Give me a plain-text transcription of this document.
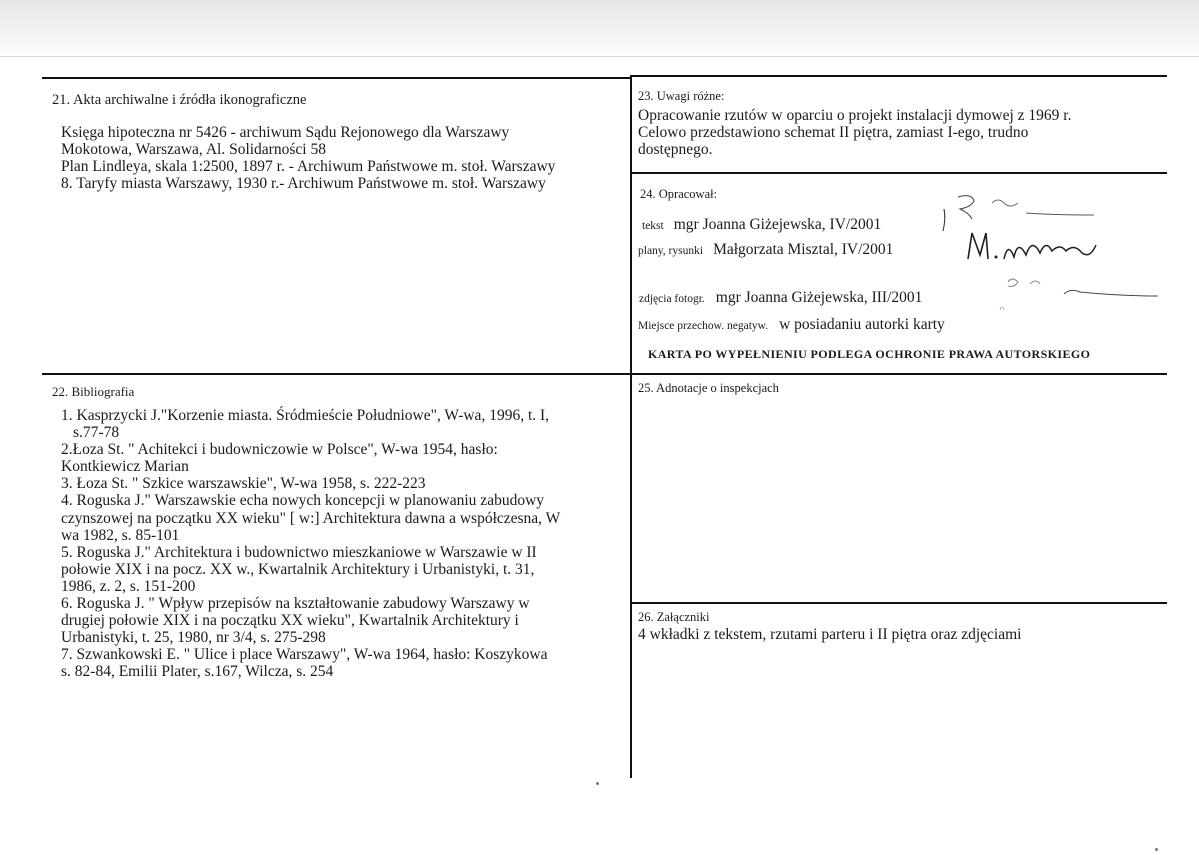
21. Akta archiwalne i źródła ikonograficzne
Księga hipoteczna nr 5426 - archiwum Sądu Rejonowego dla Warszawy
Mokotowa, Warszawa, Al. Solidarności 58
Plan Lindleya, skala 1:2500, 1897 r. - Archiwum Państwowe m. stoł. Warszawy
8. Taryfy miasta Warszawy, 1930 r.- Archiwum Państwowe m. stoł. Warszawy
22. Bibliografia
1. Kasprzycki J."Korzenie miasta. Śródmieście Południowe", W-wa, 1996, t. I,
s.77-78
2.Łoza St. " Achitekci i budowniczowie w Polsce", W-wa 1954, hasło:
Kontkiewicz Marian
3. Łoza St. " Szkice warszawskie", W-wa 1958, s. 222-223
4. Roguska J." Warszawskie echa nowych koncepcji w planowaniu zabudowy
czynszowej na początku XX wieku" [ w:] Architektura dawna a współczesna, W
wa 1982, s. 85-101
5. Roguska J." Architektura i budownictwo mieszkaniowe w Warszawie w II
połowie XIX i na pocz. XX w., Kwartalnik Architektury i Urbanistyki, t. 31,
1986, z. 2, s. 151-200
6. Roguska J. " Wpływ przepisów na kształtowanie zabudowy Warszawy w
drugiej połowie XIX i na początku XX wieku", Kwartalnik Architektury i
Urbanistyki, t. 25, 1980, nr 3/4, s. 275-298
7. Szwankowski E. " Ulice i place Warszawy", W-wa 1964, hasło: Koszykowa
s. 82-84, Emilii Plater, s.167, Wilcza, s. 254
23. Uwagi różne:
Opracowanie rzutów w oparciu o projekt instalacji dymowej z 1969 r.
Celowo przedstawiono schemat II piętra, zamiast I-ego, trudno
dostępnego.
24. Opracował:
tekst mgr Joanna Giżejewska, IV/2001
plany, rysunki Małgorzata Misztal, IV/2001
zdjęcia fotogr. mgr Joanna Giżejewska, III/2001
Miejsce przechow. negatyw. w posiadaniu autorki karty
KARTA PO WYPEŁNIENIU PODLEGA OCHRONIE PRAWA AUTORSKIEGO
25. Adnotacje o inspekcjach
26. Załączniki
4 wkładki z tekstem, rzutami parteru i II piętra oraz zdjęciami
